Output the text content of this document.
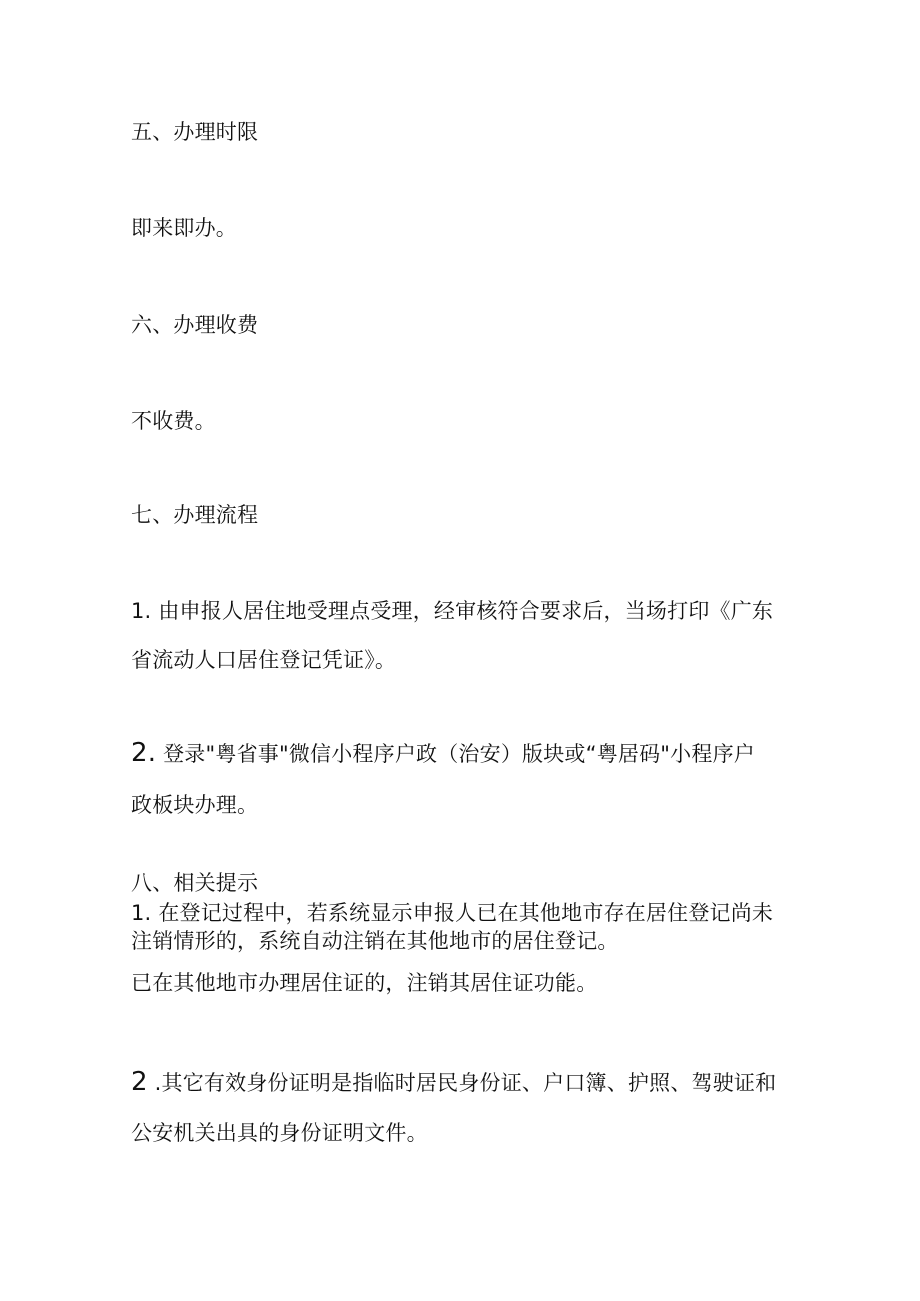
五、办理时限
即来即办。
六、办理收费
不收费。
七、办理流程
1. 由申报人居住地受理点受理，经审核符合要求后，当场打印《广东
省流动人口居住登记凭证》。
2. 登录"粤省事"微信小程序户政（治安）版块或“粤居码"小程序户
政板块办理。
八、相关提示
1. 在登记过程中，若系统显示申报人已在其他地市存在居住登记尚未
注销情形的，系统自动注销在其他地市的居住登记。
已在其他地市办理居住证的，注销其居住证功能。
2 .其它有效身份证明是指临时居民身份证、户口簿、护照、驾驶证和
公安机关出具的身份证明文件。
